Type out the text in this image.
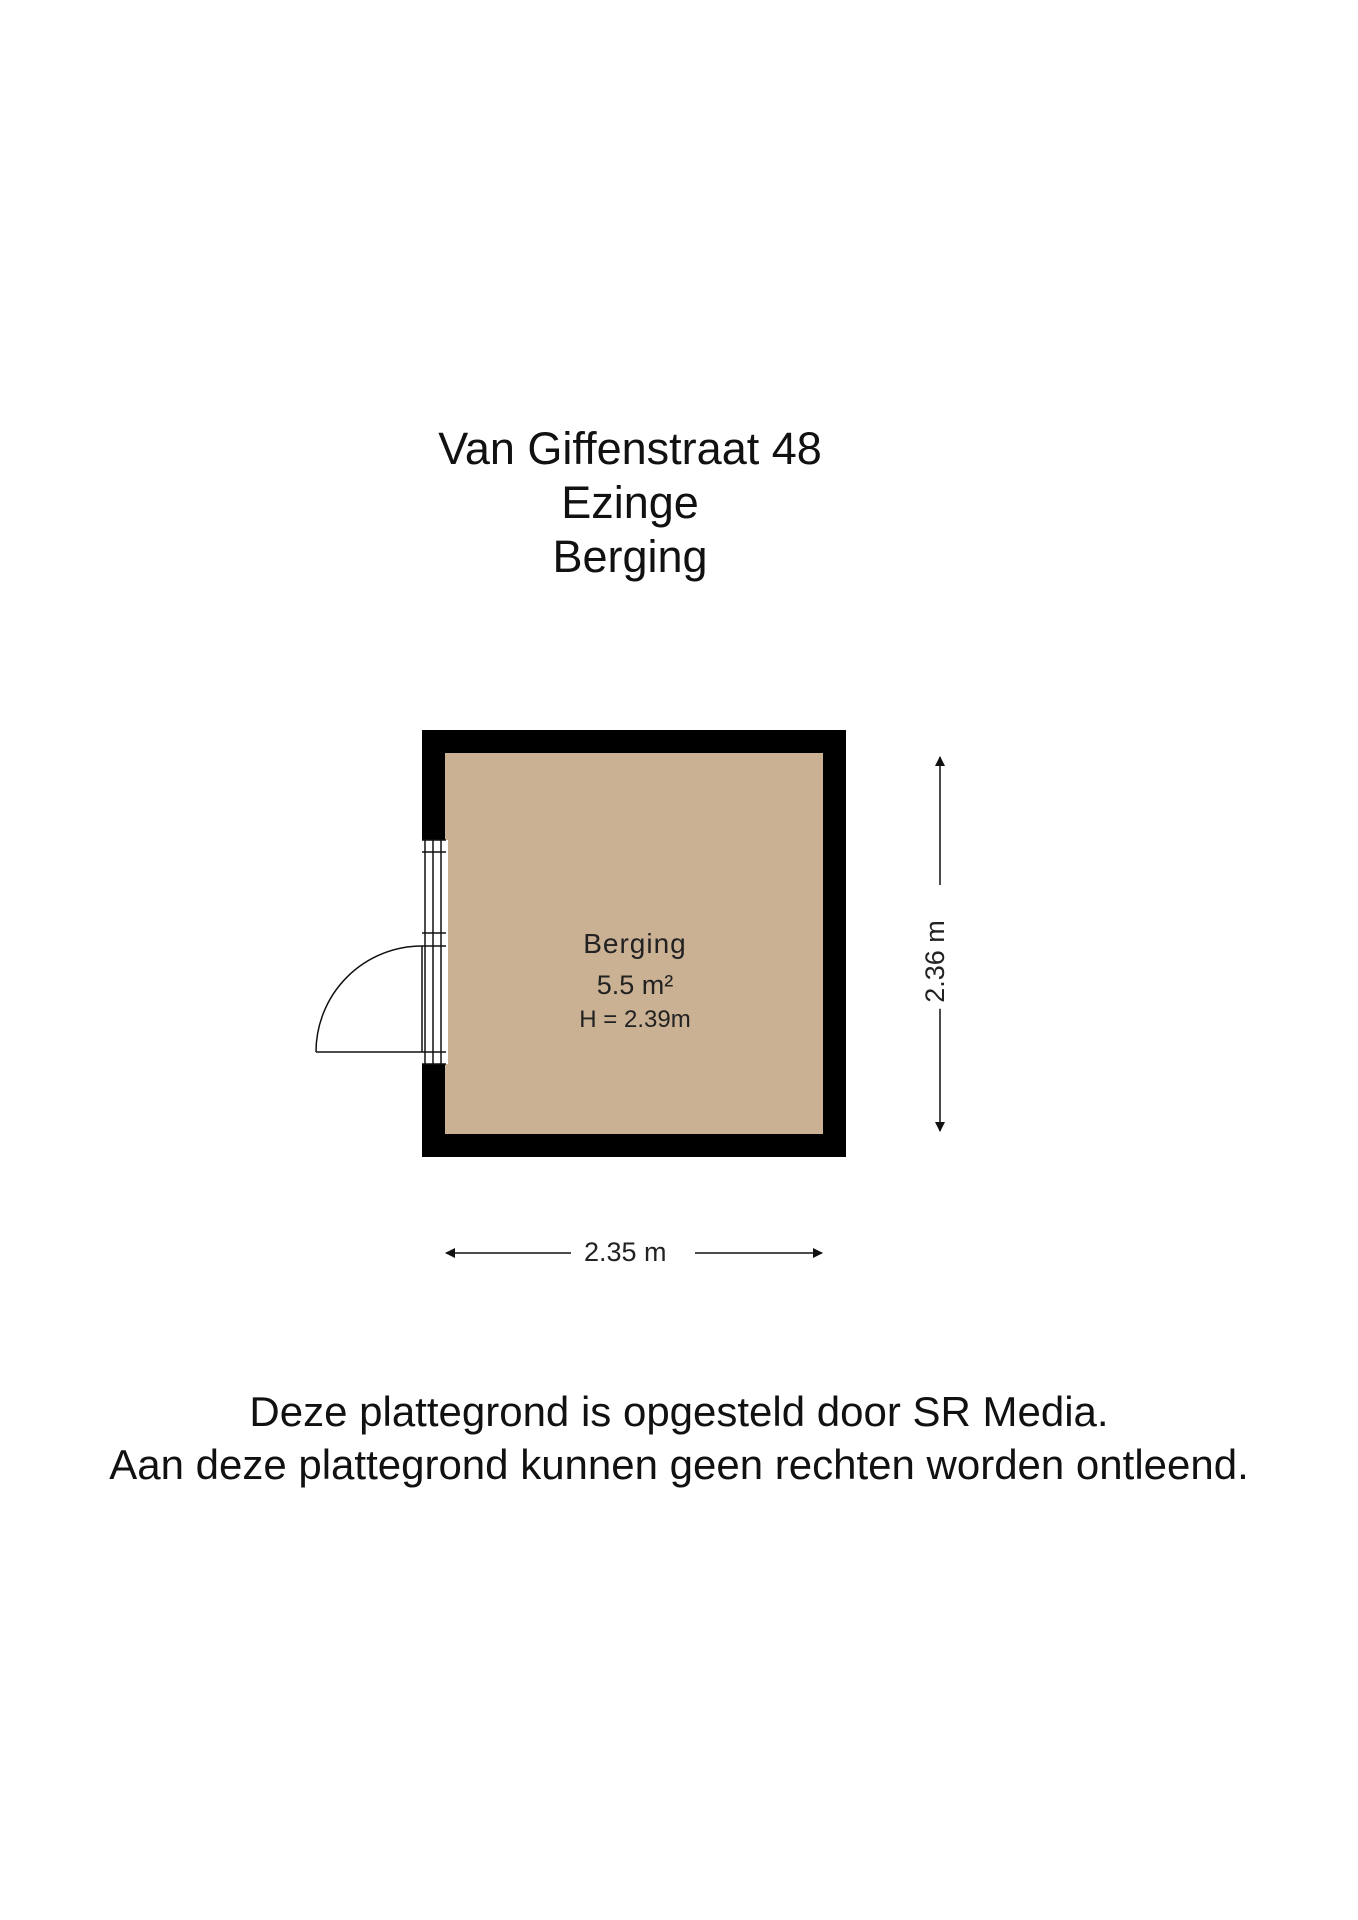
Van Giffenstraat 48
Ezinge
Berging
Berging
5.5 m²
H = 2.39m
2.35 m
2.36 m
Deze plattegrond is opgesteld door SR Media.
Aan deze plattegrond kunnen geen rechten worden ontleend.
